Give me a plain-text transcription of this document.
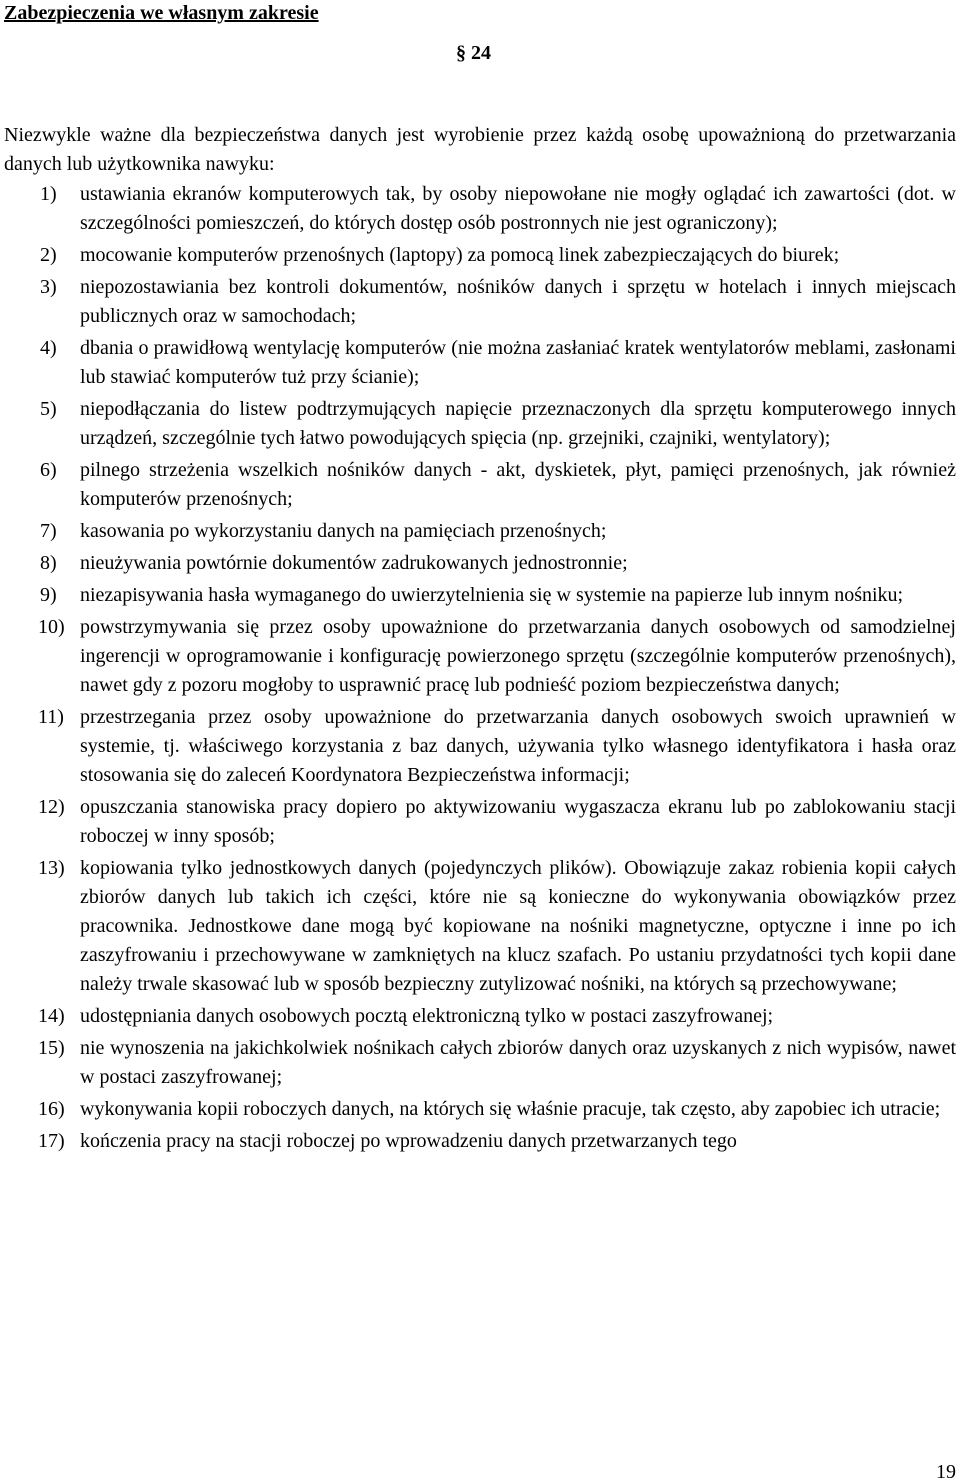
Zabezpieczenia we własnym zakresie
§ 24
Niezwykle ważne dla bezpieczeństwa danych jest wyrobienie przez każdą osobę upoważnioną do przetwarzania danych lub użytkownika nawyku:
1) ustawiania ekranów komputerowych tak, by osoby niepowołane nie mogły oglądać ich zawartości (dot. w szczególności pomieszczeń, do których dostęp osób postronnych nie jest ograniczony);
2) mocowanie komputerów przenośnych (laptopy) za pomocą linek zabezpieczających do biurek;
3) niepozostawiania bez kontroli dokumentów, nośników danych i sprzętu w hotelach i innych miejscach publicznych oraz w samochodach;
4) dbania o prawidłową wentylację komputerów (nie można zasłaniać kratek wentylatorów meblami, zasłonami lub stawiać komputerów tuż przy ścianie);
5) niepodłączania do listew podtrzymujących napięcie przeznaczonych dla sprzętu komputerowego innych urządzeń, szczególnie tych łatwo powodujących spięcia (np. grzejniki, czajniki, wentylatory);
6) pilnego strzeżenia wszelkich nośników danych - akt, dyskietek, płyt, pamięci przenośnych, jak również komputerów przenośnych;
7) kasowania po wykorzystaniu danych na pamięciach przenośnych;
8) nieużywania powtórnie dokumentów zadrukowanych jednostronnie;
9) niezapisywania hasła wymaganego do uwierzytelnienia się w systemie na papierze lub innym nośniku;
10) powstrzymywania się przez osoby upoważnione do przetwarzania danych osobowych od samodzielnej ingerencji w oprogramowanie i konfigurację powierzonego sprzętu (szczególnie komputerów przenośnych), nawet gdy z pozoru mogłoby to usprawnić pracę lub podnieść poziom bezpieczeństwa danych;
11) przestrzegania przez osoby upoważnione do przetwarzania danych osobowych swoich uprawnień w systemie, tj. właściwego korzystania z baz danych, używania tylko własnego identyfikatora i hasła oraz stosowania się do zaleceń Koordynatora Bezpieczeństwa informacji;
12) opuszczania stanowiska pracy dopiero po aktywizowaniu wygaszacza ekranu lub po zablokowaniu stacji roboczej w inny sposób;
13) kopiowania tylko jednostkowych danych (pojedynczych plików). Obowiązuje zakaz robienia kopii całych zbiorów danych lub takich ich części, które nie są konieczne do wykonywania obowiązków przez pracownika. Jednostkowe dane mogą być kopiowane na nośniki magnetyczne, optyczne i inne po ich zaszyfrowaniu i przechowywane w zamkniętych na klucz szafach. Po ustaniu przydatności tych kopii dane należy trwale skasować lub w sposób bezpieczny zutylizować nośniki, na których są przechowywane;
14) udostępniania danych osobowych pocztą elektroniczną tylko w postaci zaszyfrowanej;
15) nie wynoszenia na jakichkolwiek nośnikach całych zbiorów danych oraz uzyskanych z nich wypisów, nawet w postaci zaszyfrowanej;
16) wykonywania kopii roboczych danych, na których się właśnie pracuje, tak często, aby zapobiec ich utracie;
17) kończenia pracy na stacji roboczej po wprowadzeniu danych przetwarzanych tego
19
